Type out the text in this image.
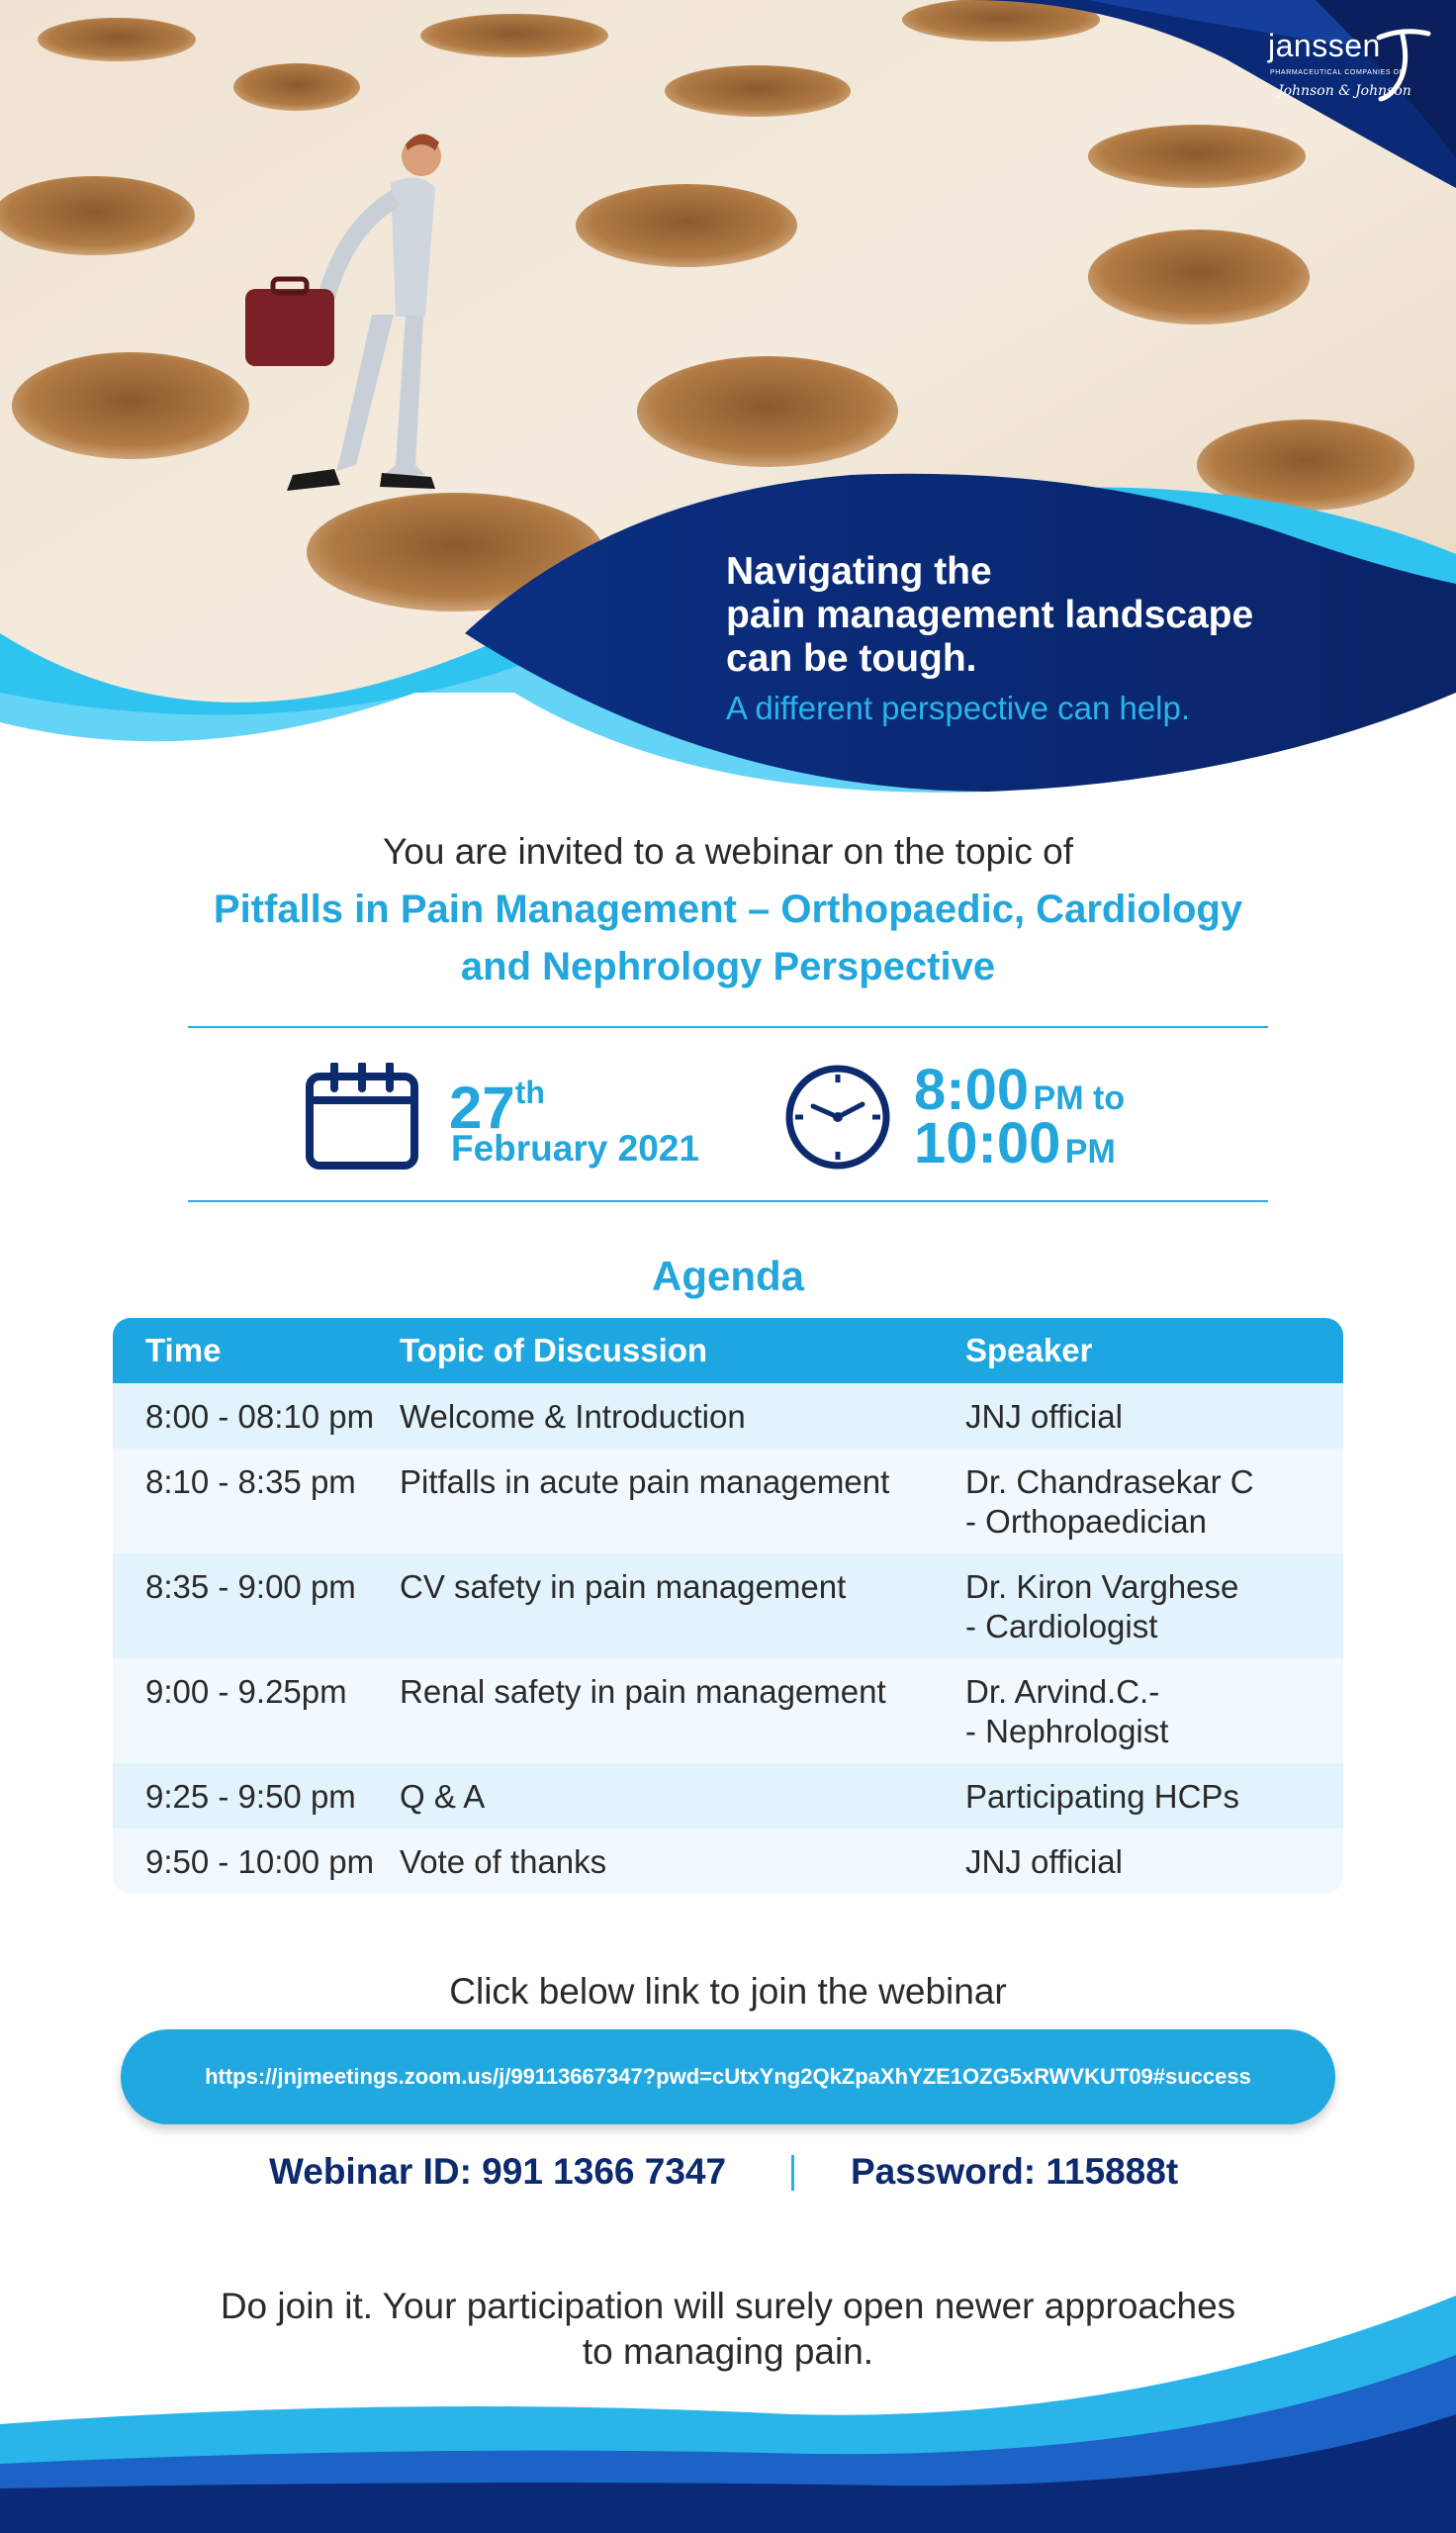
janssen
PHARMACEUTICAL COMPANIES OF
Johnson & Johnson
Navigating the
pain management landscape
can be tough.
A different perspective can help.
You are invited to a webinar on the topic of
Pitfalls in Pain Management – Orthopaedic, Cardiology
and Nephrology Perspective
27th
February 2021
8:00 PM to
10:00 PM
Agenda
Time	Topic of Discussion	Speaker
8:00 - 08:10 pm Welcome & Introduction	JNJ official
8:10 - 8:35 pm	Pitfalls in acute pain management	Dr. Chandrasekar C
- Orthopaedician
8:35 - 9:00 pm	CV safety in pain management	Dr. Kiron Varghese
- Cardiologist
9:00 - 9.25pm	Renal safety in pain management	Dr. Arvind.C.-
- Nephrologist
9:25 - 9:50 pm	Q & A	Participating HCPs
9:50 - 10:00 pm Vote of thanks	JNJ official
Click below link to join the webinar
https://jnjmeetings.zoom.us/j/99113667347?pwd=cUtxYng2QkZpaXhYZE1OZG5xRWVKUT09#success
Webinar ID: 991 1366 7347	Password: 115888t
Do join it. Your participation will surely open newer approaches
to managing pain.
